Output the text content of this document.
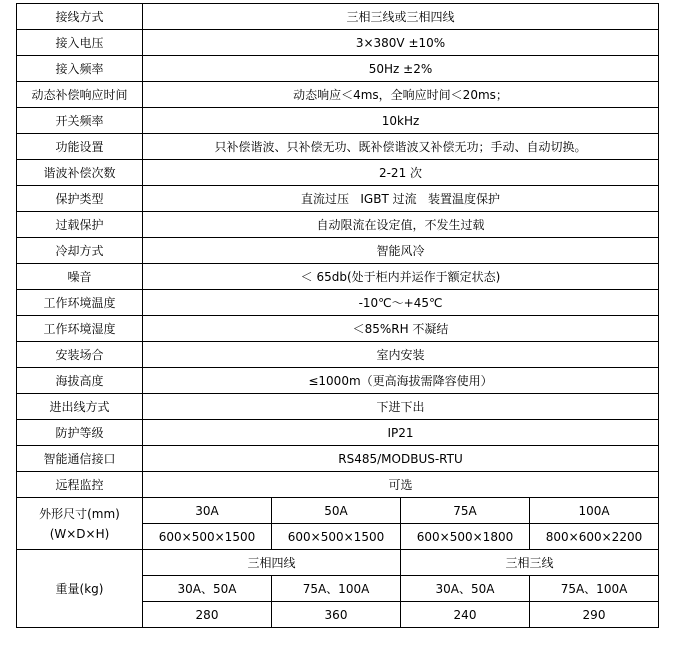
接线方式	三相三线或三相四线			
接入电压	3×380V ±10%			
接入频率	50Hz ±2%			
动态补偿响应时间	动态响应＜4ms，全响应时间＜20ms；			
开关频率	10kHz			
功能设置	只补偿谐波、只补偿无功、既补偿谐波又补偿无功；手动、自动切换。			
谐波补偿次数	2-21 次			
保护类型	直流过压   IGBT 过流   装置温度保护			
过载保护	自动限流在设定值，不发生过载			
冷却方式	智能风冷			
噪音	＜ 65db(处于柜内并运作于额定状态)			
工作环境温度	-10℃～+45℃			
工作环境湿度	＜85%RH 不凝结			
安装场合	室内安装			
海拔高度	≤1000m（更高海拔需降容使用）			
进出线方式	下进下出			
防护等级	IP21			
智能通信接口	RS485/MODBUS-RTU			
远程监控	可选			
外形尺寸(mm)
(W×D×H)	30A	50A	75A	100A
	600×500×1500	600×500×1500	600×500×1800	800×600×2200
重量(kg)	三相四线		三相三线	
	30A、50A	75A、100A	30A、50A	75A、100A
	280	360	240	290
